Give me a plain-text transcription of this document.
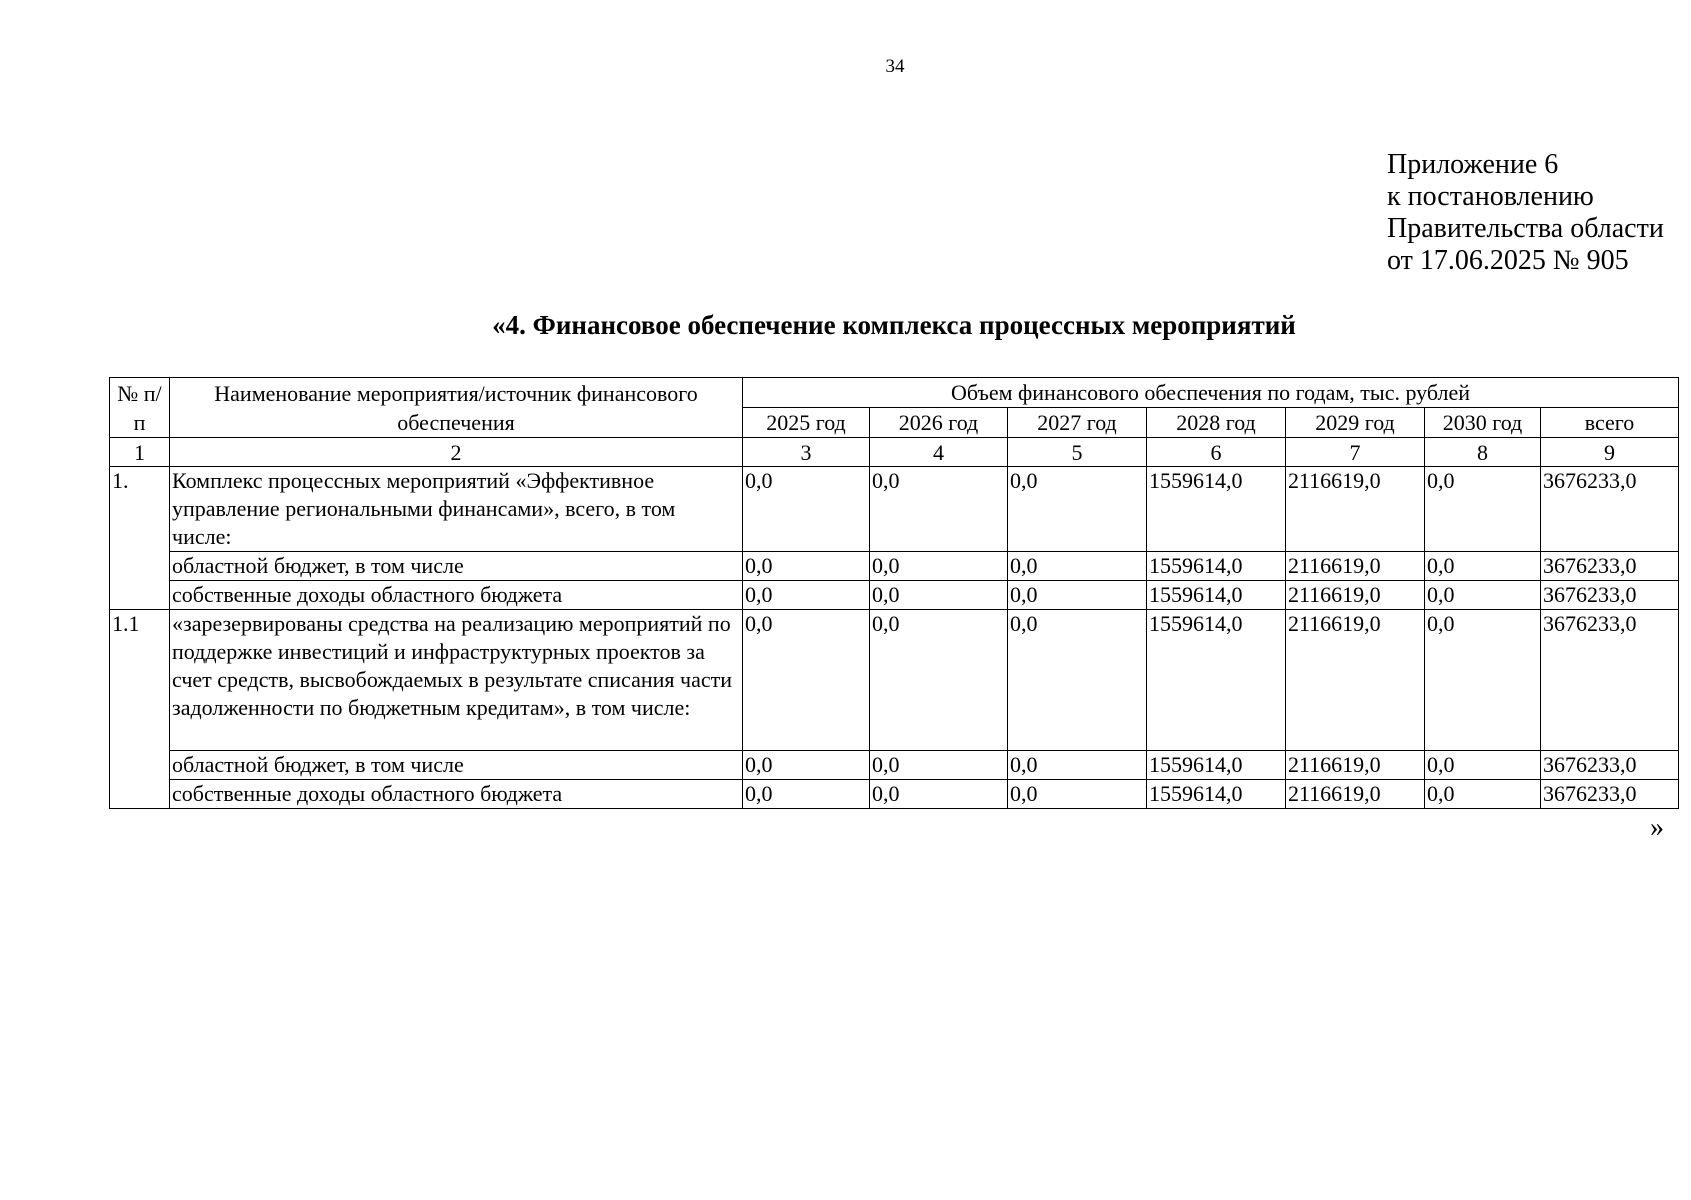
34
Приложение 6
к постановлению
Правительства области
от 17.06.2025 № 905
«4. Финансовое обеспечение комплекса процессных мероприятий
№ п/п	Наименование мероприятия/источник финансового обеспечения	Объем финансового обеспечения по годам, тыс. рублей						
		2025 год	2026 год	2027 год	2028 год	2029 год	2030 год	всего
1	2	3	4	5	6	7	8	9
1.	Комплекс процессных мероприятий «Эффективное управление региональными финансами», всего, в том числе:	0,0	0,0	0,0	1559614,0	2116619,0	0,0	3676233,0
	областной бюджет, в том числе	0,0	0,0	0,0	1559614,0	2116619,0	0,0	3676233,0
	собственные доходы областного бюджета	0,0	0,0	0,0	1559614,0	2116619,0	0,0	3676233,0
1.1	«зарезервированы средства на реализацию мероприятий по поддержке инвестиций и инфраструктурных проектов за счет средств, высвобождаемых в результате списания части задолженности по бюджетным кредитам», в том числе:	0,0	0,0	0,0	1559614,0	2116619,0	0,0	3676233,0
	областной бюджет, в том числе	0,0	0,0	0,0	1559614,0	2116619,0	0,0	3676233,0
	собственные доходы областного бюджета	0,0	0,0	0,0	1559614,0	2116619,0	0,0	3676233,0
»
